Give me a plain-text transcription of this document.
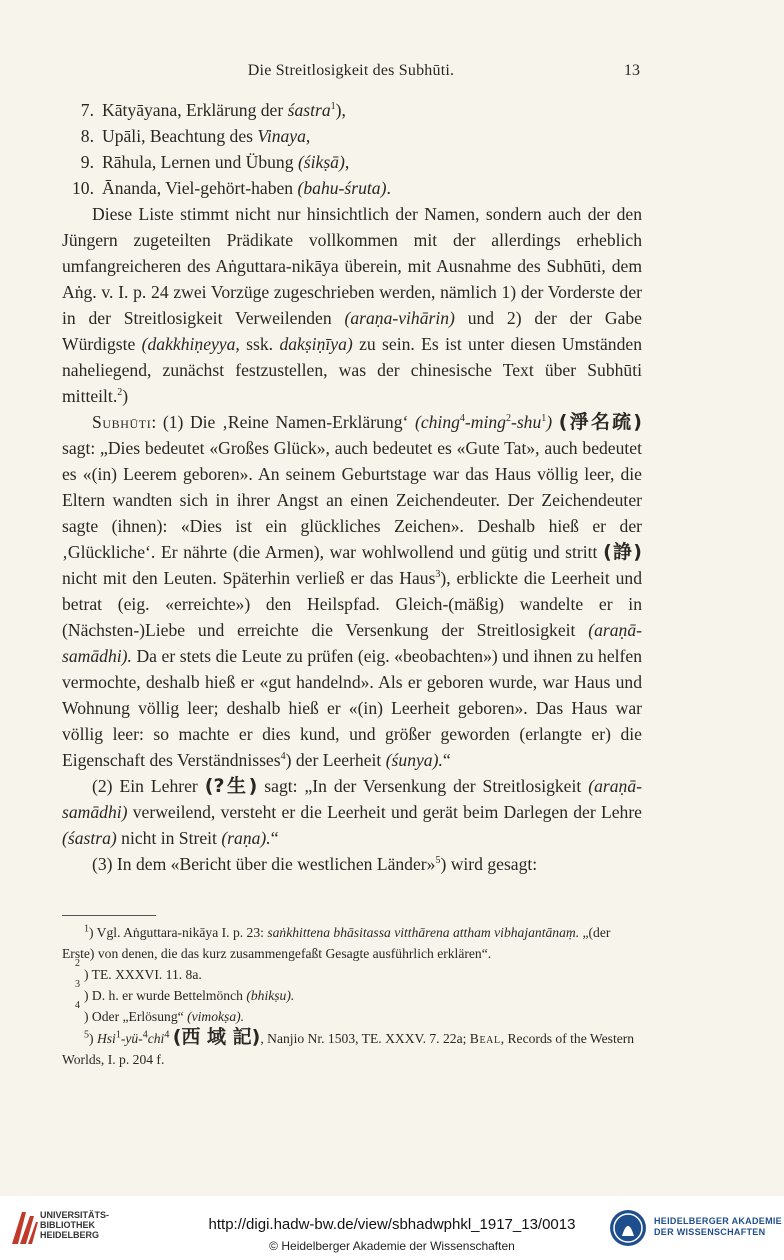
Die Streitlosigkeit des Subhūti.	13
7. Kātyāyana, Erklärung der śastra$^1$),
8. Upāli, Beachtung des Vinaya,
9. Rāhula, Lernen und Übung (śikṣā),
10. Ānanda, Viel-gehört-haben (bahu-śruta).

Diese Liste stimmt nicht nur hinsichtlich der Namen, sondern auch der den Jüngern zugeteilten Prädikate vollkommen mit der allerdings erheblich umfangreicheren des Aṅguttara-nikāya überein, mit Ausnahme des Subhūti, dem Aṅg. v. I. p. 24 zwei Vorzüge zugeschrieben werden, nämlich 1) der Vorderste der in der Streitlosigkeit Verweilenden (araṇa-vihārin) und 2) der der Gabe Würdigste (dakkhiṇeyya, ssk. dakṣiṇīya) zu sein. Es ist unter diesen Umständen naheliegend, zunächst festzustellen, was der chinesische Text über Subhūti mitteilt.$^2$)

Subhūti: (1) Die ‚Reine Namen-Erklärung‘ (ching$^4$-ming$^2$-shu$^1$) (淨名疏) sagt: „Dies bedeutet «Großes Glück», auch bedeutet es «Gute Tat», auch bedeutet es «(in) Leerem geboren». An seinem Geburtstage war das Haus völlig leer, die Eltern wandten sich in ihrer Angst an einen Zeichendeuter. Der Zeichendeuter sagte (ihnen): «Dies ist ein glückliches Zeichen». Deshalb hieß er der ‚Glückliche‘. Er nährte (die Armen), war wohlwollend und gütig und stritt (諍) nicht mit den Leuten. Späterhin verließ er das Haus$^3$), erblickte die Leerheit und betrat (eig. «erreichte») den Heilspfad. Gleich-(mäßig) wandelte er in (Nächsten-)Liebe und erreichte die Versenkung der Streitlosigkeit (araṇā-samādhi). Da er stets die Leute zu prüfen (eig. «beobachten») und ihnen zu helfen vermochte, deshalb hieß er «gut handelnd». Als er geboren wurde, war Haus und Wohnung völlig leer; deshalb hieß er «(in) Leerheit geboren». Das Haus war völlig leer: so machte er dies kund, und größer geworden (erlangte er) die Eigenschaft des Verständnisses$^4$) der Leerheit (śunya).“

(2) Ein Lehrer (?生) sagt: „In der Versenkung der Streitlosigkeit (araṇā-samādhi) verweilend, versteht er die Leerheit und gerät beim Darlegen der Lehre (śastra) nicht in Streit (raṇa).“

(3) In dem «Bericht über die westlichen Länder»$^5$) wird gesagt:

$^1$) Vgl. Aṅguttara-nikāya I. p. 23: saṅkhittena bhāsitassa vitthārena attham vibhajantānaṃ. „(der Erste) von denen, die das kurz zusammengefaßt Gesagte ausführlich erklären“.

2
) TE. XXXVI. 11. 8a.

3
) D. h. er wurde Bettelmönch (bhikṣu).

4
) Oder „Erlösung“ (vimokṣa).

$^5$) Hsi$^1$-yü-$^4$chi$^4$ (西 域 記), Nanjio Nr. 1503, TE. XXXV. 7. 22a; Beal, Records of the Western Worlds, I. p. 204 f.

UNIVERSITÄTS-
BIBLIOTHEK
HEIDELBERG
http://digi.hadw-bw.de/view/sbhadwphkl_1917_13/0013
© Heidelberger Akademie der Wissenschaften
HEIDELBERGER AKADEMIE
DER WISSENSCHAFTEN
